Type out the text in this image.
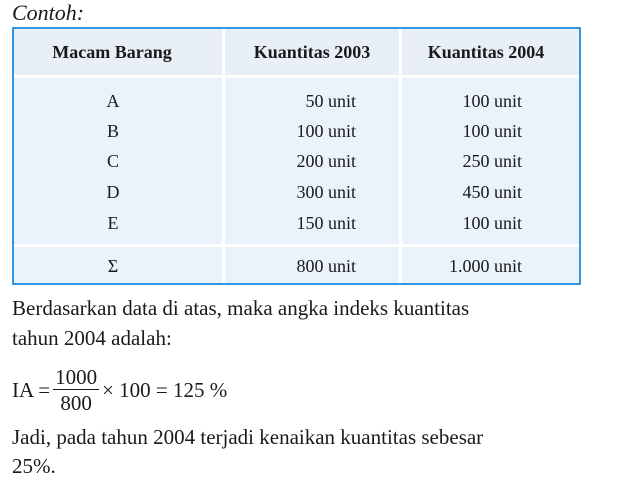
Contoh:
Macam Barang	Kuantitas 2003	Kuantitas 2004
A	50 unit	100 unit
B	100 unit	100 unit
C	200 unit	250 unit
D	300 unit	450 unit
E	150 unit	100 unit
Σ	800 unit	1.000 unit
Berdasarkan data di atas, maka angka indeks kuantitas
tahun 2004 adalah:
IA = $\frac{1000}{800} \times 100 = 125$ %
Jadi, pada tahun 2004 terjadi kenaikan kuantitas sebesar
25%.
